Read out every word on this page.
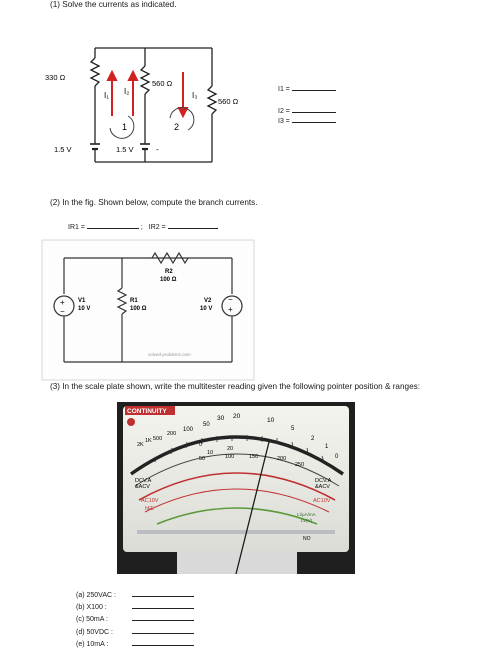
(1) Solve the currents as indicated.
330 Ω
560 Ω
560 Ω
I₁ I₂	I₃
1	2
1.5 V	1.5 V	-
I1 =
I2 =
I3 =
(2) In the fig. Shown below, compute the branch currents.
IR1 =	; IR2 =
+
−
−
+
V1
10 V
R1
100 Ω
R2
100 Ω
V2
10 V
solved-problems.com
(3) In the scale plate shown, write the multitester reading given the following pointer position & ranges:
CONTINUITY
2K
1K 500
200
100
50
30 20
10
5
2
1
0
0
10
20
50	100	150	200
250
DCV.A
&ACV
DCV.A
&ACV
AC10V	AC10V
hFE
LI/μA/mA
LV(V)
NO
(a) 250VAC :
(b) X100 :
(c) 50mA :
(d) 50VDC :
(e) 10mA :
